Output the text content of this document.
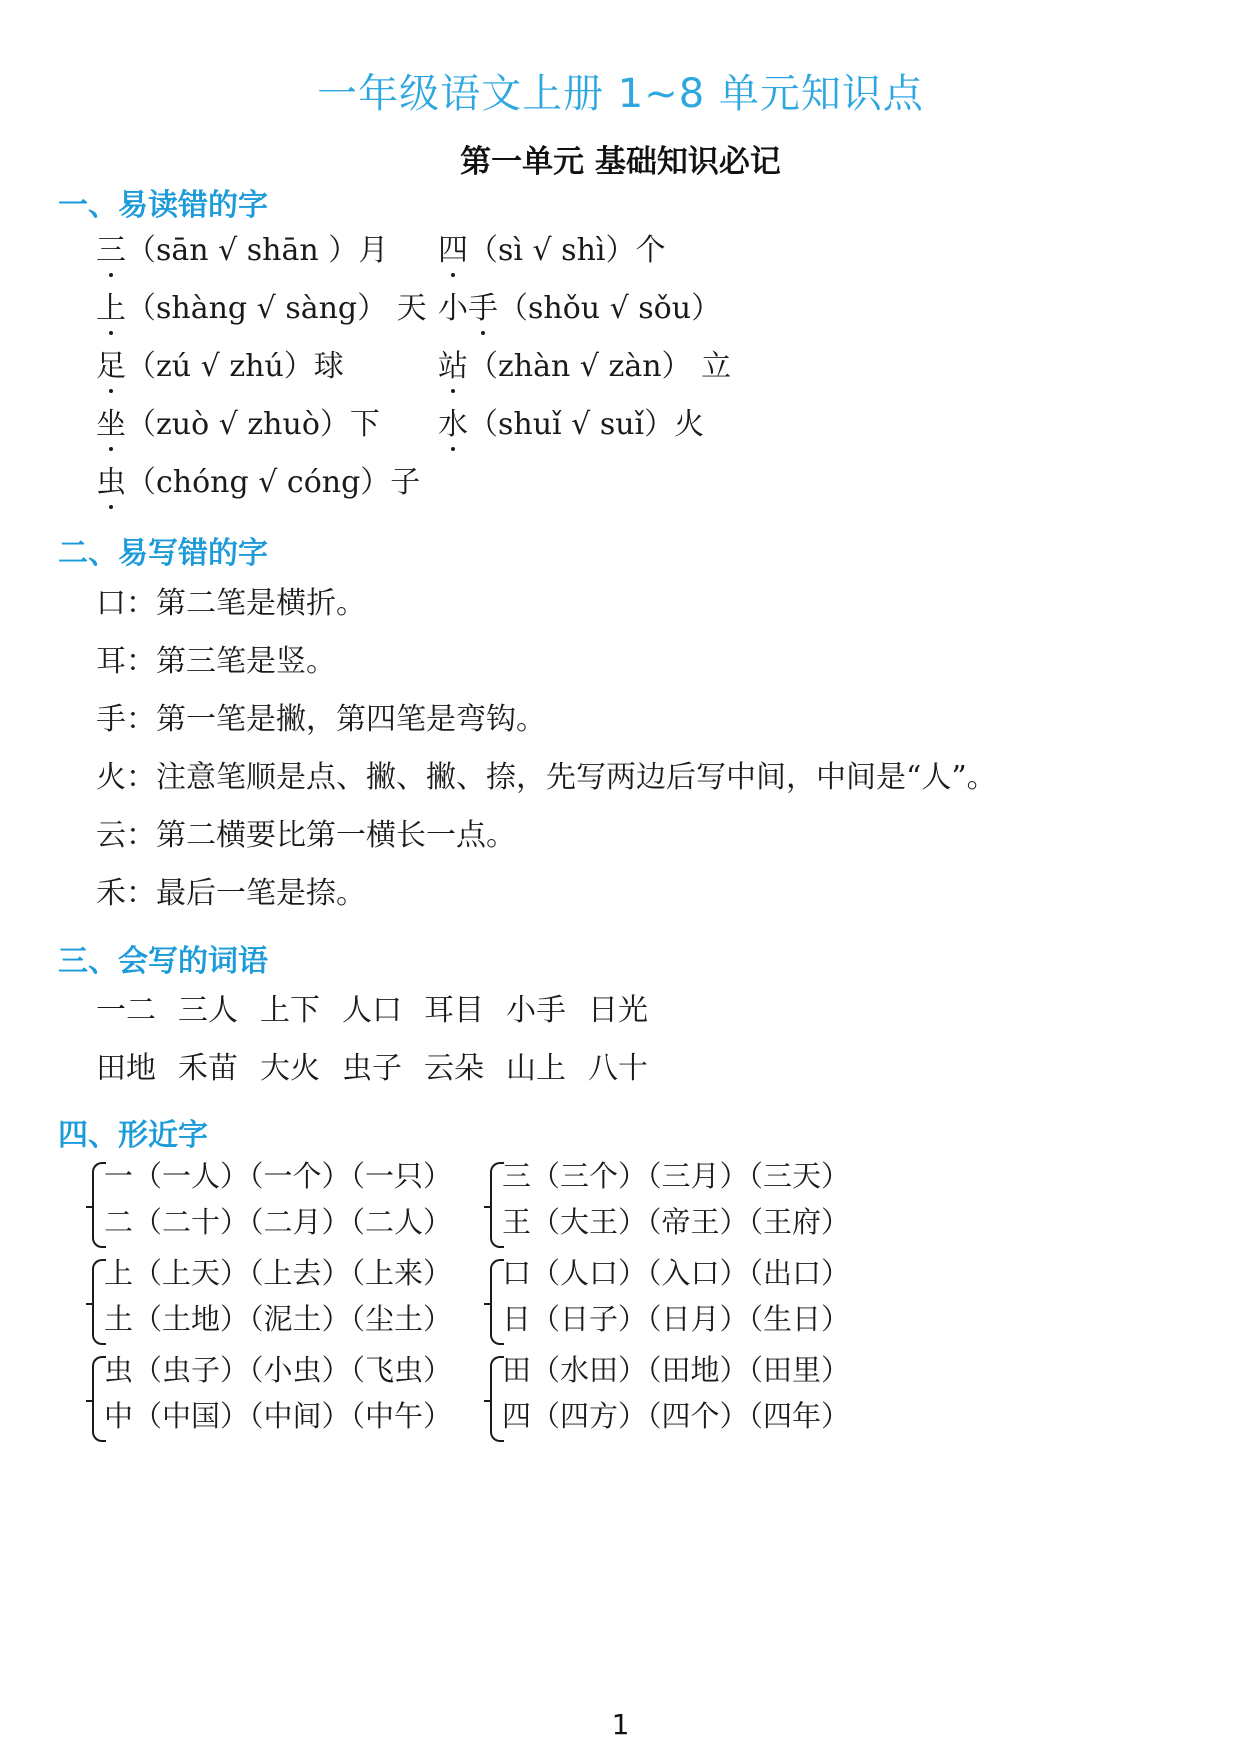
一年级语文上册 1~8 单元知识点
第一单元 基础知识必记
一、易读错的字
三（sān √ shān ）月 四（sì √ shì）个
上（shàng √ sàng） 天 小手（shǒu √ sǒu）
足（zú √ zhú）球	站（zhàn √ zàn） 立
坐（zuò √ zhuò）下 水（shuǐ √ suǐ）火
虫（chóng √ cóng）子
二、易写错的字
口：第二笔是横折。
耳：第三笔是竖。
手：第一笔是撇，第四笔是弯钩。
火：注意笔顺是点、撇、撇、捺，先写两边后写中间，中间是“人”。
云：第二横要比第一横长一点。
禾：最后一笔是捺。
三、会写的词语
一二 三人 上下 人口 耳目 小手 日光
田地 禾苗 大火 虫子 云朵 山上 八十
四、形近字
一（一人）（一个）（一只）
二（二十）（二月）（二人）
三（三个）（三月）（三天）
王（大王）（帝王）（王府）
上（上天）（上去）（上来）
土（土地）（泥土）（尘土）
口（人口）（入口）（出口）
日（日子）（日月）（生日）
虫（虫子）（小虫）（飞虫）
中（中国）（中间）（中午）
田（水田）（田地）（田里）
四（四方）（四个）（四年）
1
